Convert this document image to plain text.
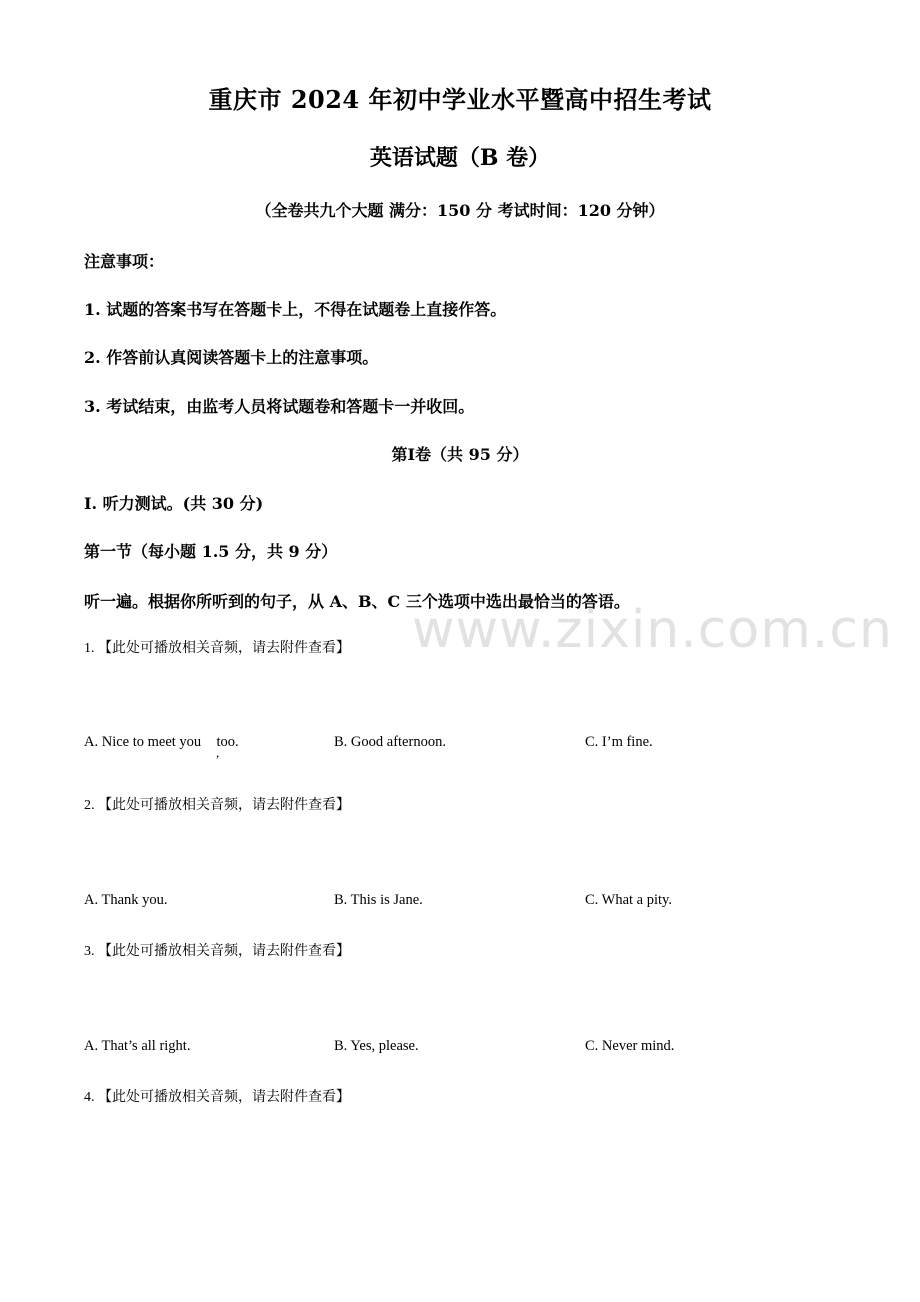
www.zixin.com.cn
重庆市 2024 年初中学业水平暨高中招生考试
英语试题（B 卷）
（全卷共九个大题 满分：150 分 考试时间：120 分钟）
注意事项：
1. 试题的答案书写在答题卡上，不得在试题卷上直接作答。
2. 作答前认真阅读答题卡上的注意事项。
3. 考试结束，由监考人员将试题卷和答题卡一并收回。
第Ⅰ卷（共 95 分）
Ⅰ. 听力测试。(共 30 分)
第一节（每小题 1.5 分，共 9 分）
听一遍。根据你所听到的句子，从 A、B、C 三个选项中选出最恰当的答语。
1. 【此处可播放相关音频，请去附件查看】
A. Nice to meet you too.
,
B. Good afternoon.	C. I’m fine.
2. 【此处可播放相关音频，请去附件查看】
A. Thank you.	B. This is Jane.	C. What a pity.
3. 【此处可播放相关音频，请去附件查看】
A. That’s all right.	B. Yes, please.	C. Never mind.
4. 【此处可播放相关音频，请去附件查看】
